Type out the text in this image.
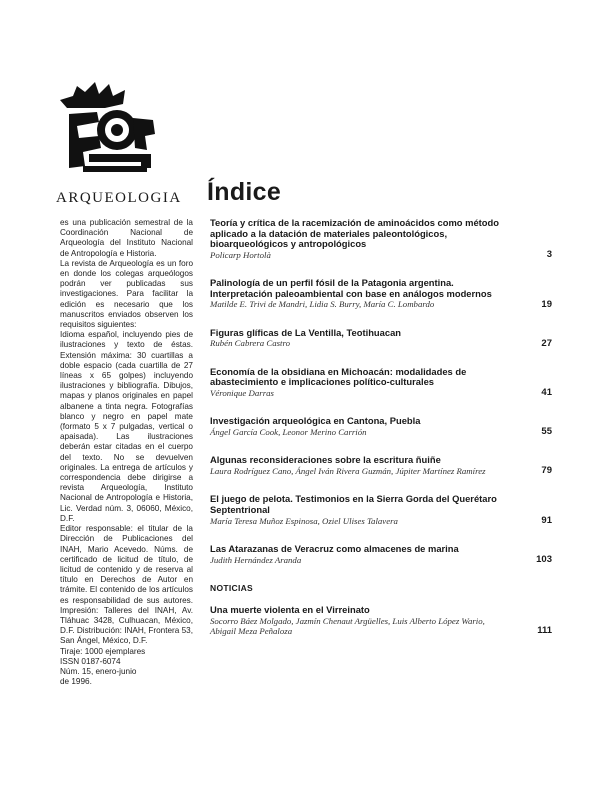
ARQUEOLOGIA

es una publicación semestral de la Coordinación Nacional de Arqueología del Instituto Nacional de Antropología e Historia.

La revista de Arqueología es un foro en donde los colegas arqueólogos podrán ver publicadas sus investigaciones. Para facilitar la edición es necesario que los manuscritos enviados observen los requisitos siguientes:

Idioma español, incluyendo pies de ilustraciones y texto de éstas. Extensión máxima: 30 cuartillas a doble espacio (cada cuartilla de 27 líneas x 65 golpes) incluyendo ilustraciones y bibliografía. Dibujos, mapas y planos originales en papel albanene a tinta negra. Fotografías blanco y negro en papel mate (formato 5 x 7 pulgadas, vertical o apaisada). Las ilustraciones deberán estar citadas en el cuerpo del texto. No se devuelven originales. La entrega de artículos y correspondencia debe dirigirse a revista Arqueología, Instituto Nacional de Antropología e Historia, Lic. Verdad núm. 3, 06060, México, D.F.

Editor responsable: el titular de la Dirección de Publicaciones del INAH, Mario Acevedo. Núms. de certificado de licitud de título, de licitud de contenido y de reserva al título en Derechos de Autor en trámite. El contenido de los artículos es responsabilidad de sus autores. Impresión: Talleres del INAH, Av. Tláhuac 3428, Culhuacan, México, D.F. Distribución: INAH, Frontera 53, San Ángel, México, D.F.

Tiraje: 1000 ejemplares

ISSN 0187-6074

Núm. 15, enero-junio

de 1996.

Índice
Teoría y crítica de la racemización de aminoácidos como método aplicado a la datación de materiales paleontológicos, bioarqueológicos y antropológicos
Policarp Hortolà	3
Palinología de un perfil fósil de la Patagonia argentina. Interpretación paleoambiental con base en análogos modernos
Matilde E. Trivi de Mandri, Lidia S. Burry, María C. Lombardo	19
Figuras glíficas de La Ventilla, Teotihuacan
Rubén Cabrera Castro	27
Economía de la obsidiana en Michoacán: modalidades de abastecimiento e implicaciones político-culturales
Véronique Darras	41
Investigación arqueológica en Cantona, Puebla
Ángel García Cook, Leonor Merino Carrión	55
Algunas reconsideraciones sobre la escritura ñuiñe
Laura Rodríguez Cano, Ángel Iván Rivera Guzmán, Júpiter Martínez Ramírez	79
El juego de pelota. Testimonios en la Sierra Gorda del Querétaro Septentrional
María Teresa Muñoz Espinosa, Oziel Ulises Talavera	91
Las Atarazanas de Veracruz como almacenes de marina
Judith Hernández Aranda	103
NOTICIAS
Una muerte violenta en el Virreinato
Socorro Báez Molgado, Jazmín Chenaut Argüelles, Luis Alberto López Wario, Abigail Meza Peñaloza	111
